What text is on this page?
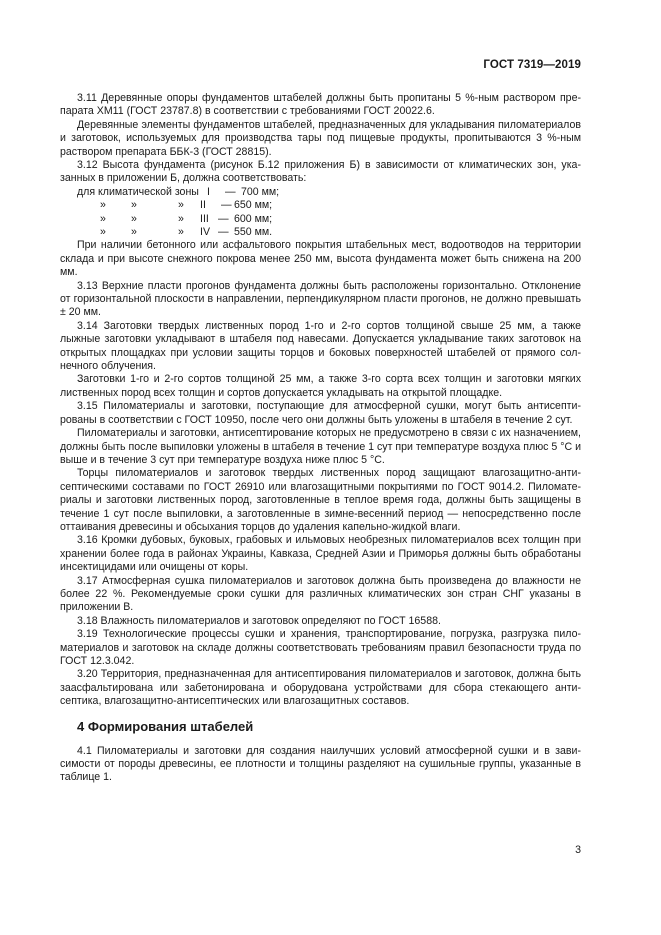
ГОСТ 7319—2019

3.11 Деревянные опоры фундаментов штабелей должны быть пропитаны 5 %-ным раствором препарата ХМ11 (ГОСТ 23787.8) в соответствии с требованиями ГОСТ 20022.6.

Деревянные элементы фундаментов штабелей, предназначенных для укладывания пиломатериалов и заготовок, используемых для производства тары под пищевые продукты, пропитываются 3 %-ным раствором препарата ББК-3 (ГОСТ 28815).

3.12 Высота фундамента (рисунок Б.12 приложения Б) в зависимости от климатических зон, указанных в приложении Б, должна соответствовать:

для климатической зоны I	— 700 мм;
»	»	»	II	— 650 мм;
»	»	»	III — 600 мм;
»	»	»	IV — 550 мм.

При наличии бетонного или асфальтового покрытия штабельных мест, водоотводов на территории склада и при высоте снежного покрова менее 250 мм, высота фундамента может быть снижена на 200 мм.

3.13 Верхние пласти прогонов фундамента должны быть расположены горизонтально. Отклонение от горизонтальной плоскости в направлении, перпендикулярном пласти прогонов, не должно превышать ± 20 мм.

3.14 Заготовки твердых лиственных пород 1-го и 2-го сортов толщиной свыше 25 мм, а также лыжные заготовки укладывают в штабеля под навесами. Допускается укладывание таких заготовок на открытых площадках при условии защиты торцов и боковых поверхностей штабелей от прямого солнечного облучения.

Заготовки 1-го и 2-го сортов толщиной 25 мм, а также 3-го сорта всех толщин и заготовки мягких лиственных пород всех толщин и сортов допускается укладывать на открытой площадке.

3.15 Пиломатериалы и заготовки, поступающие для атмосферной сушки, могут быть антисептированы в соответствии с ГОСТ 10950, после чего они должны быть уложены в штабеля в течение 2 сут.

Пиломатериалы и заготовки, антисептирование которых не предусмотрено в связи с их назначением, должны быть после выпиловки уложены в штабеля в течение 1 сут при температуре воздуха плюс 5 °С и выше и в течение 3 сут при температуре воздуха ниже плюс 5 °С.

Торцы пиломатериалов и заготовок твердых лиственных пород защищают влагозащитно-антисептическими составами по ГОСТ 26910 или влагозащитными покрытиями по ГОСТ 9014.2. Пиломатериалы и заготовки лиственных пород, заготовленные в теплое время года, должны быть защищены в течение 1 сут после выпиловки, а заготовленные в зимне-весенний период — непосредственно после оттаивания древесины и обсыхания торцов до удаления капельно-жидкой влаги.

3.16 Кромки дубовых, буковых, грабовых и ильмовых необрезных пиломатериалов всех толщин при хранении более года в районах Украины, Кавказа, Средней Азии и Приморья должны быть обработаны инсектицидами или очищены от коры.

3.17 Атмосферная сушка пиломатериалов и заготовок должна быть произведена до влажности не более 22 %. Рекомендуемые сроки сушки для различных климатических зон стран СНГ указаны в приложении В.

3.18 Влажность пиломатериалов и заготовок определяют по ГОСТ 16588.

3.19 Технологические процессы сушки и хранения, транспортирование, погрузка, разгрузка пиломатериалов и заготовок на складе должны соответствовать требованиям правил безопасности труда по ГОСТ 12.3.042.

3.20 Территория, предназначенная для антисептирования пиломатериалов и заготовок, должна быть заасфальтирована или забетонирована и оборудована устройствами для сбора стекающего антисептика, влагозащитно-антисептических или влагозащитных составов.

4 Формирования штабелей

4.1 Пиломатериалы и заготовки для создания наилучших условий атмосферной сушки и в зависимости от породы древесины, ее плотности и толщины разделяют на сушильные группы, указанные в таблице 1.

3
